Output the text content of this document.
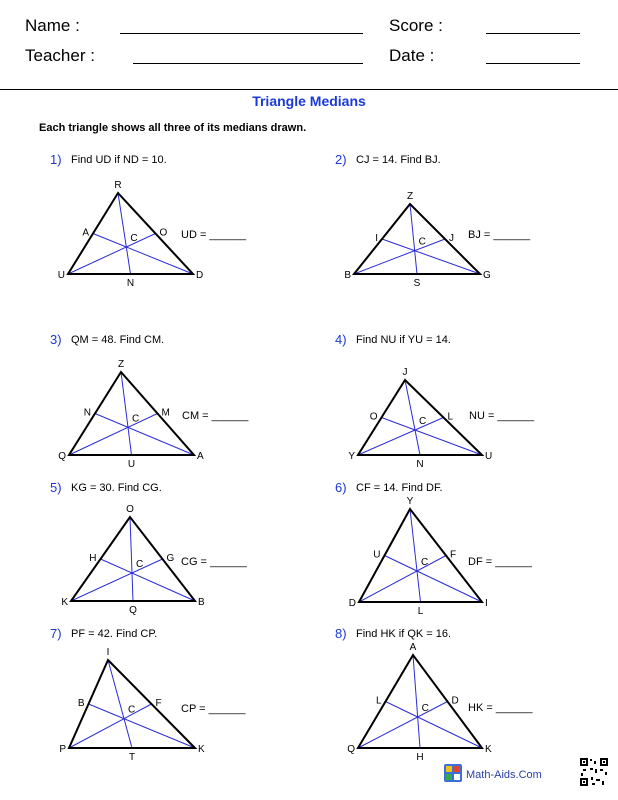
Name :	Score :
Teacher :	Date :
Triangle Medians
Each triangle shows all three of its medians drawn.
1) Find UD if ND = 10.
UD = ______
R
U	D
A	O
N
C
2) CJ = 14. Find BJ.
BJ = ______
Z
B	G
I	J
S
C
3) QM = 48. Find CM.
CM = ______
Z
Q	A
N	M
U
C
4) Find NU if YU = 14.
NU = ______
J
Y	U
O	L
N
C
5) KG = 30. Find CG.
CG = ______
O
K	B
H	G
Q
C
6) CF = 14. Find DF.
DF = ______
Y
D	I
U	F
L
C
7) PF = 42. Find CP.
CP = ______
I
P	K
B	F
T
C
8) Find HK if QK = 16.
HK = ______
A
Q	K
L	D
H
C
Math-Aids.Com
